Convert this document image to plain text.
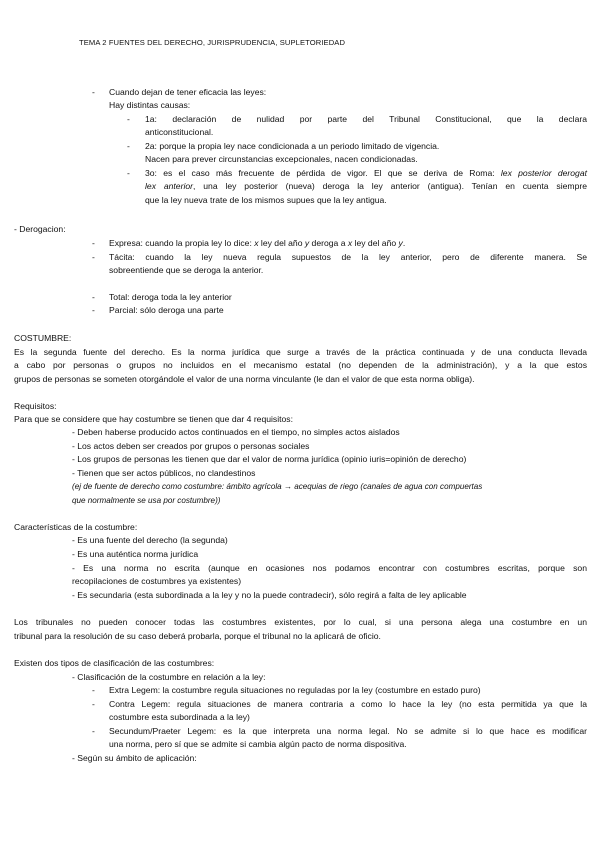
TEMA 2 FUENTES DEL DERECHO, JURISPRUDENCIA, SUPLETORIEDAD
- Cuando dejan de tener eficacia las leyes:
Hay distintas causas:
- 1a: declaración de nulidad por parte del Tribunal Constitucional, que la declara
anticonstitucional.
- 2a: porque la propia ley nace condicionada a un periodo limitado de vigencia.
Nacen para prever circunstancias excepcionales, nacen condicionadas.
- 3o: es el caso más frecuente de pérdida de vigor. El que se deriva de Roma: lex posterior derogat
lex anterior, una ley posterior (nueva) deroga la ley anterior (antigua). Tenían en cuenta siempre
que la ley nueva trate de los mismos supues que la ley antigua.
- Derogacion:
- Expresa: cuando la propia ley lo dice: x ley del año y deroga a x ley del año y.
- Tácita: cuando la ley nueva regula supuestos de la ley anterior, pero de diferente manera. Se
sobreentiende que se deroga la anterior.
- Total: deroga toda la ley anterior
- Parcial: sólo deroga una parte
COSTUMBRE:
Es la segunda fuente del derecho. Es la norma jurídica que surge a través de la práctica continuada y de una conducta llevada
a cabo por personas o grupos no incluidos en el mecanismo estatal (no dependen de la administración), y a la que estos
grupos de personas se someten otorgándole el valor de una norma vinculante (le dan el valor de que esta norma obliga).
Requisitos:
Para que se considere que hay costumbre se tienen que dar 4 requisitos:
- Deben haberse producido actos continuados en el tiempo, no simples actos aislados
- Los actos deben ser creados por grupos o personas sociales
- Los grupos de personas les tienen que dar el valor de norma jurídica (opinio iuris=opinión de derecho)
- Tienen que ser actos públicos, no clandestinos
(ej de fuente de derecho como costumbre: ámbito agrícola → acequias de riego (canales de agua con compuertas
que normalmente se usa por costumbre))
Características de la costumbre:
- Es una fuente del derecho (la segunda)
- Es una auténtica norma jurídica
- Es una norma no escrita (aunque en ocasiones nos podamos encontrar con costumbres escritas, porque son
recopilaciones de costumbres ya existentes)
- Es secundaria (esta subordinada a la ley y no la puede contradecir), sólo regirá a falta de ley aplicable
Los tribunales no pueden conocer todas las costumbres existentes, por lo cual, si una persona alega una costumbre en un
tribunal para la resolución de su caso deberá probarla, porque el tribunal no la aplicará de oficio.
Existen dos tipos de clasificación de las costumbres:
- Clasificación de la costumbre en relación a la ley:
- Extra Legem: la costumbre regula situaciones no reguladas por la ley (costumbre en estado puro)
- Contra Legem: regula situaciones de manera contraria a como lo hace la ley (no esta permitida ya que la
costumbre esta subordinada a la ley)
- Secundum/Praeter Legem: es la que interpreta una norma legal. No se admite si lo que hace es modificar
una norma, pero sí que se admite si cambia algún pacto de norma dispositiva.
- Según su ámbito de aplicación:
